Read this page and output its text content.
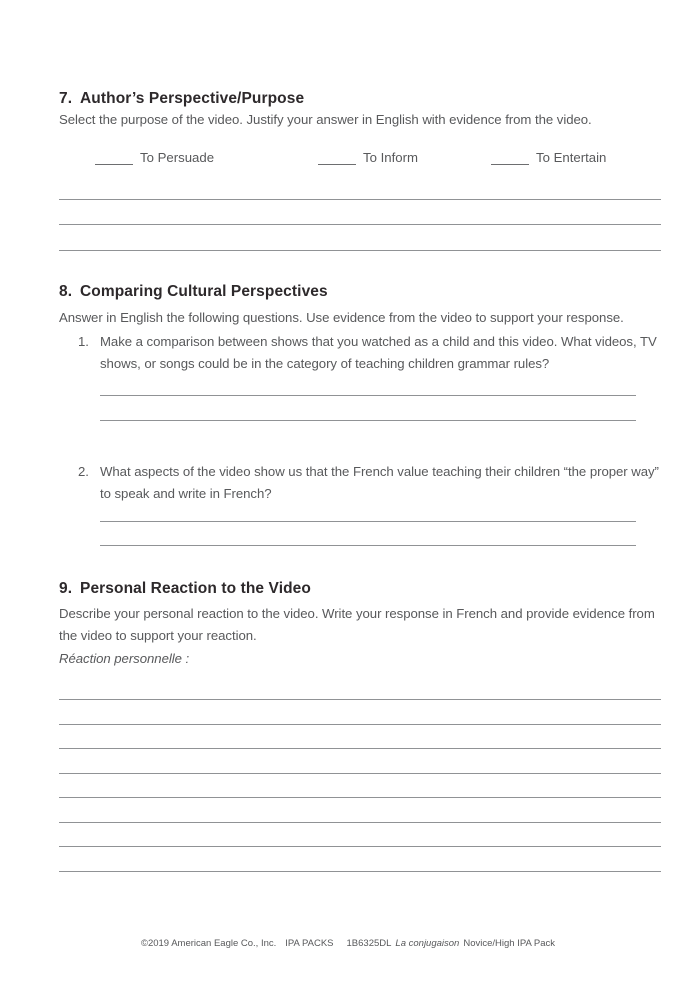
7. Author’s Perspective/Purpose
Select the purpose of the video. Justify your answer in English with evidence from the video.
To Persuade	To Inform	To Entertain
8. Comparing Cultural Perspectives
Answer in English the following questions. Use evidence from the video to support your response.
1. Make a comparison between shows that you watched as a child and this video. What videos, TV shows, or songs could be in the category of teaching children grammar rules?
2. What aspects of the video show us that the French value teaching their children “the proper way” to speak and write in French?
9. Personal Reaction to the Video
Describe your personal reaction to the video. Write your response in French and provide evidence from the video to support your reaction.
Réaction personnelle :
©2019 American Eagle Co., Inc. IPA PACKS 1B6325DL La conjugaison Novice/High IPA Pack
